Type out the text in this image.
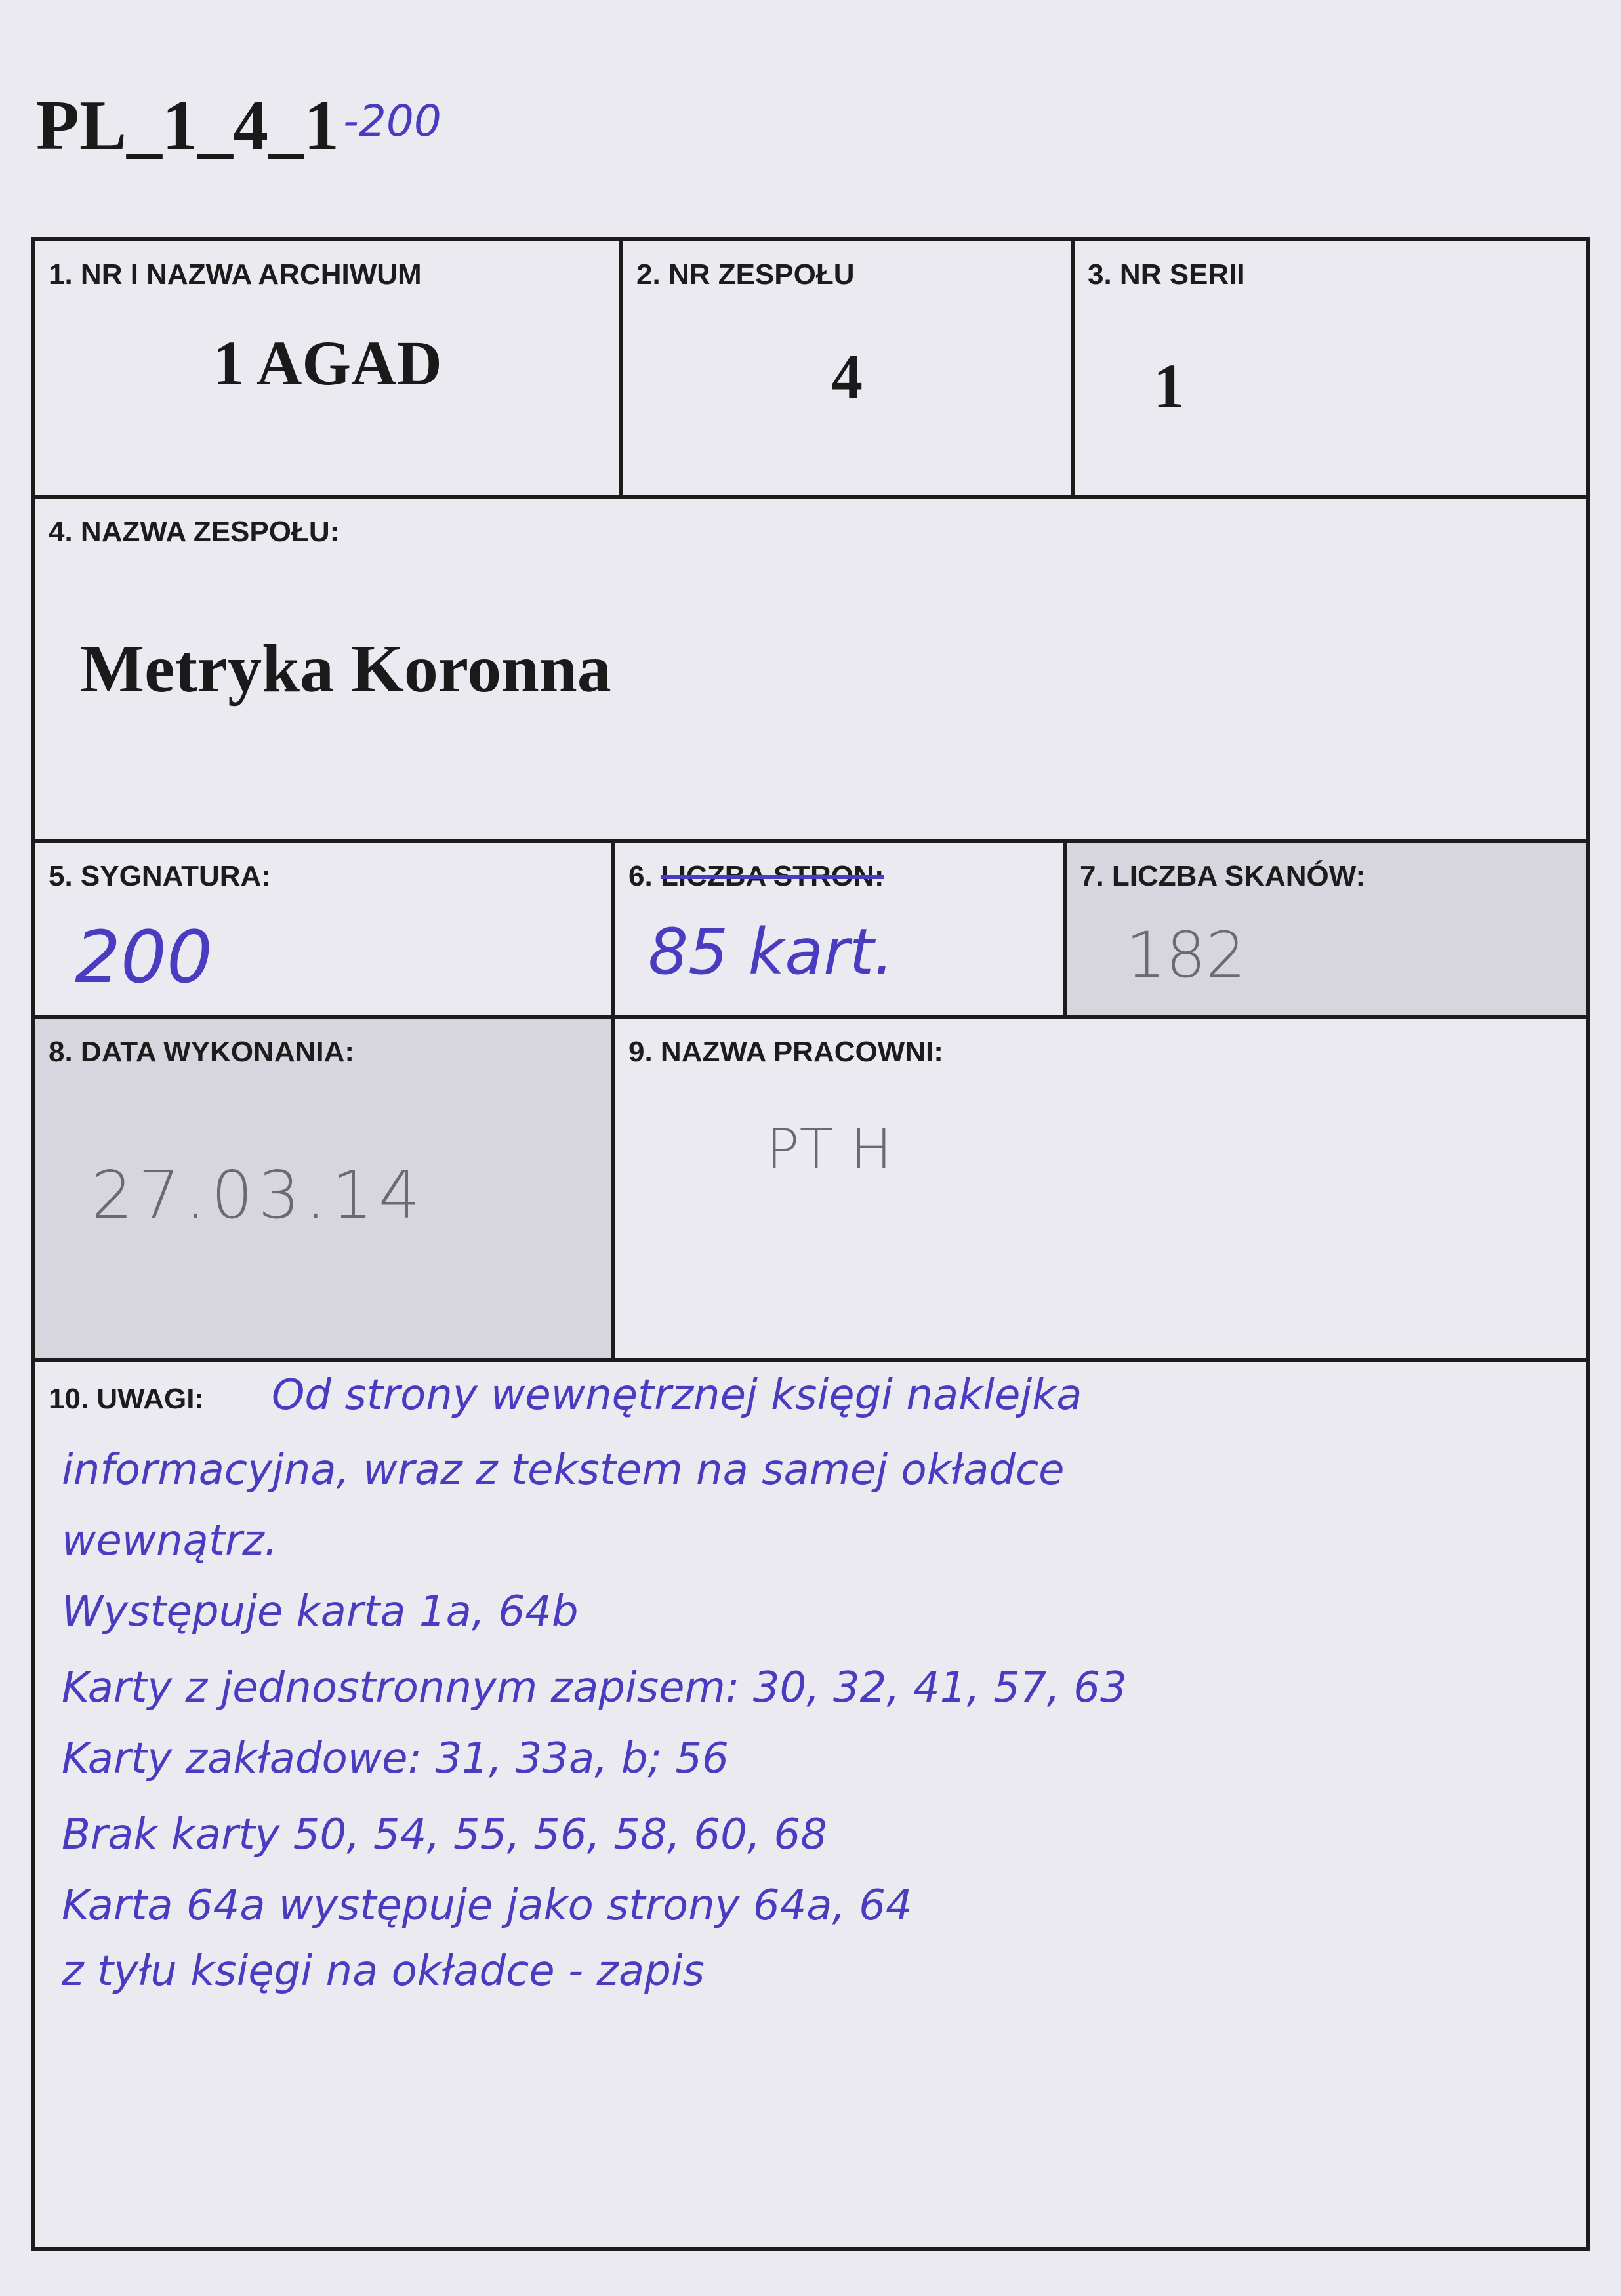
PL_1_4_1-200
1. NR I NAZWA ARCHIWUM
1 AGAD
2. NR ZESPOŁU
4
3. NR SERII
1
4. NAZWA ZESPOŁU:
Metryka Koronna
5. SYGNATURA:
200
6. LICZBA STRON:
85 kart.
7. LICZBA SKANÓW:
182
8. DATA WYKONANIA:
27.03.14
9. NAZWA PRACOWNI:
PT H
10. UWAGI: Od strony wewnętrznej księgi naklejka
informacyjna, wraz z tekstem na samej okładce
wewnątrz.
Występuje karta 1a, 64b
Karty z jednostronnym zapisem: 30, 32, 41, 57, 63
Karty zakładowe: 31, 33a, b; 56
Brak karty 50, 54, 55, 56, 58, 60, 68
Karta 64a występuje jako strony 64a, 64
z tyłu księgi na okładce - zapis
